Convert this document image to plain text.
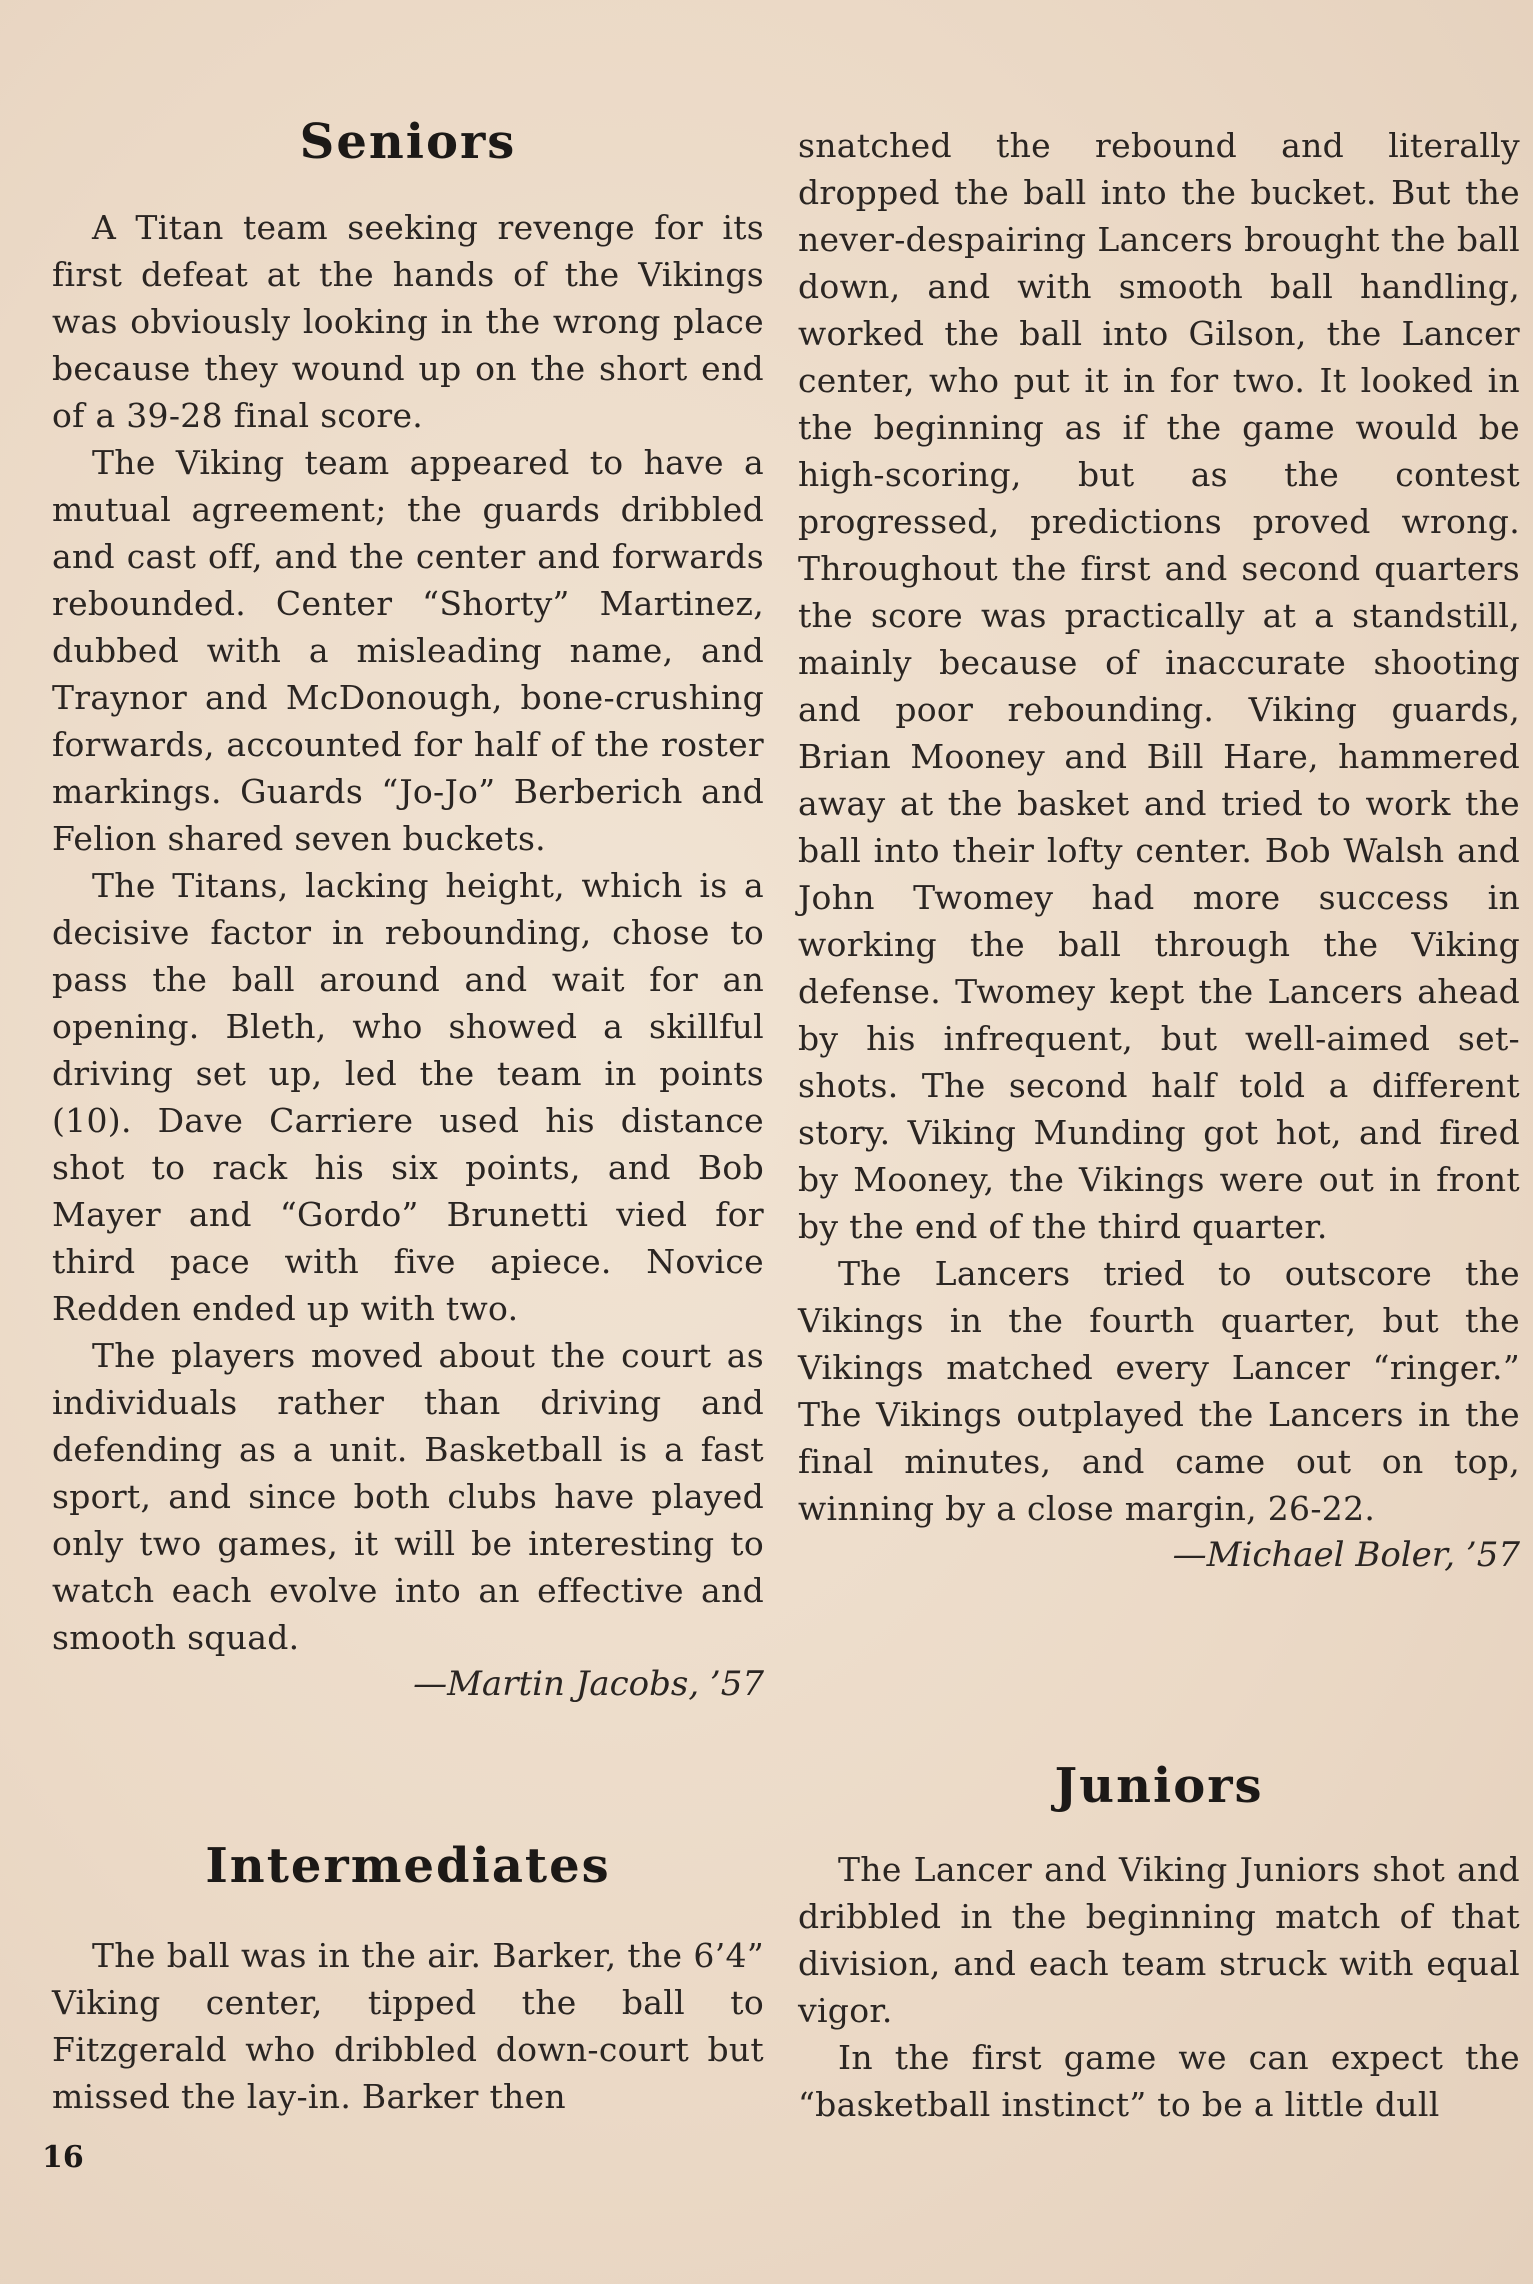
Seniors

A Titan team seeking revenge for its first defeat at the hands of the Vikings was obviously looking in the wrong place because they wound up on the short end of a 39-28 final score.

The Viking team appeared to have a mutual agreement; the guards dribbled and cast off, and the center and forwards rebounded. Center “Shorty” Martinez, dubbed with a misleading name, and Traynor and McDonough, bone-crushing forwards, accounted for half of the roster markings. Guards “Jo-Jo” Berberich and Felion shared seven buckets.

The Titans, lacking height, which is a decisive factor in rebounding, chose to pass the ball around and wait for an opening. Bleth, who showed a skillful driving set up, led the team in points (10). Dave Carriere used his distance shot to rack his six points, and Bob Mayer and “Gordo” Brunetti vied for third pace with five apiece. Novice Redden ended up with two.

The players moved about the court as individuals rather than driving and defending as a unit. Basketball is a fast sport, and since both clubs have played only two games, it will be interesting to watch each evolve into an effective and smooth squad.

—Martin Jacobs, ’57

Intermediates

The ball was in the air. Barker, the 6’4” Viking center, tipped the ball to Fitzgerald who dribbled down-court but missed the lay-in. Barker then

snatched the rebound and literally dropped the ball into the bucket. But the never-despairing Lancers brought the ball down, and with smooth ball handling, worked the ball into Gilson, the Lancer center, who put it in for two. It looked in the beginning as if the game would be high-scoring, but as the contest progressed, predictions proved wrong. Throughout the first and second quarters the score was practically at a standstill, mainly because of inaccurate shooting and poor rebounding. Viking guards, Brian Mooney and Bill Hare, hammered away at the basket and tried to work the ball into their lofty center. Bob Walsh and John Twomey had more success in working the ball through the Viking defense. Twomey kept the Lancers ahead by his infrequent, but well-aimed set-shots. The second half told a different story. Viking Munding got hot, and fired by Mooney, the Vikings were out in front by the end of the third quarter.

The Lancers tried to outscore the Vikings in the fourth quarter, but the Vikings matched every Lancer “ringer.” The Vikings outplayed the Lancers in the final minutes, and came out on top, winning by a close margin, 26-22.

—Michael Boler, ’57

Juniors

The Lancer and Viking Juniors shot and dribbled in the beginning match of that division, and each team struck with equal vigor.

In the first game we can expect the “basketball instinct” to be a little dull

16
